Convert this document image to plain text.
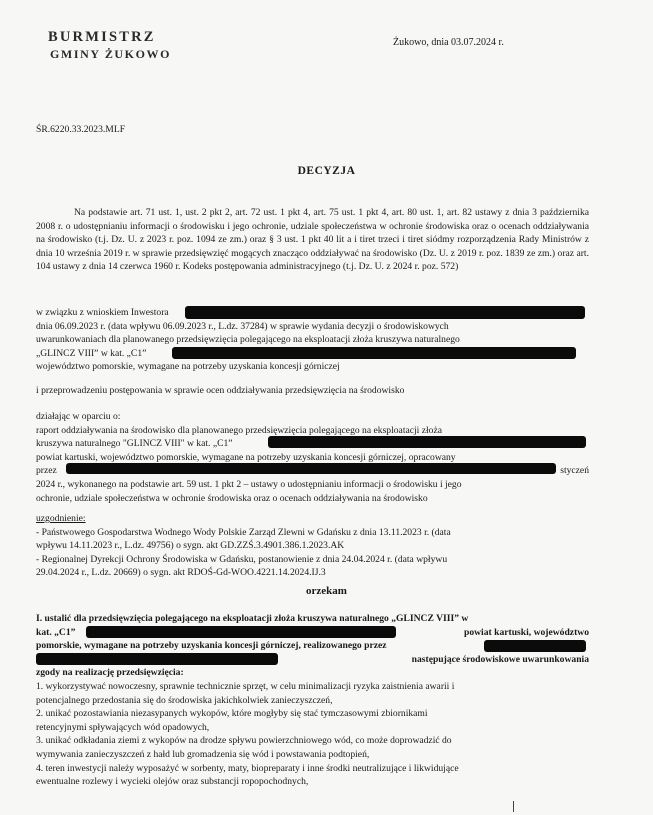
BURMISTRZ
GMINY ŻUKOWO
Żukowo, dnia 03.07.2024 r.
ŚR.6220.33.2023.MLF
DECYZJA

Na podstawie art. 71 ust. 1, ust. 2 pkt 2, art. 72 ust. 1 pkt 4, art. 75 ust. 1 pkt 4, art. 80 ust. 1, art. 82 ustawy z dnia 3 października 2008 r. o udostępnianiu informacji o środowisku i jego ochronie, udziale społeczeństwa w ochronie środowiska oraz o ocenach oddziaływania na środowisko (t.j. Dz. U. z 2023 r. poz. 1094 ze zm.) oraz § 3 ust. 1 pkt 40 lit a i tiret trzeci i tiret siódmy rozporządzenia Rady Ministrów z dnia 10 września 2019 r. w sprawie przedsięwzięć mogących znacząco oddziaływać na środowisko (Dz. U. z 2019 r. poz. 1839 ze zm.) oraz art. 104 ustawy z dnia 14 czerwca 1960 r. Kodeks postępowania administracyjnego (t.j. Dz. U. z 2024 r. poz. 572)

w związku z wnioskiem Inwestora

dnia 06.09.2023 r. (data wpływu 06.09.2023 r., L.dz. 37284) w sprawie wydania decyzji o środowiskowych

uwarunkowaniach dla planowanego przedsięwzięcia polegającego na eksploatacji złoża kruszywa naturalnego

„GLINCZ VIII” w kat. „C1”

województwo pomorskie, wymagane na potrzeby uzyskania koncesji górniczej

i przeprowadzeniu postępowania w sprawie ocen oddziaływania przedsięwzięcia na środowisko

działając w oparciu o:

raport oddziaływania na środowisko dla planowanego przedsięwzięcia polegającego na eksploatacji złoża

kruszywa naturalnego "GLINCZ VIII" w kat. „C1”

powiat kartuski, województwo pomorskie, wymagane na potrzeby uzyskania koncesji górniczej, opracowany

przez	styczeń

2024 r., wykonanego na podstawie art. 59 ust. 1 pkt 2 – ustawy o udostępnianiu informacji o środowisku i jego

ochronie, udziale społeczeństwa w ochronie środowiska oraz o ocenach oddziaływania na środowisko

uzgodnienie:

- Państwowego Gospodarstwa Wodnego Wody Polskie Zarząd Zlewni w Gdańsku z dnia 13.11.2023 r. (data

wpływu 14.11.2023 r., L.dz. 49756) o sygn. akt GD.ZZŚ.3.4901.386.1.2023.AK

- Regionalnej Dyrekcji Ochrony Środowiska w Gdańsku, postanowienie z dnia 24.04.2024 r. (data wpływu

29.04.2024 r., L.dz. 20669) o sygn. akt RDOŚ-Gd-WOO.4221.14.2024.IJ.3

orzekam

I. ustalić dla przedsięwzięcia polegającego na eksploatacji złoża kruszywa naturalnego „GLINCZ VIII” w

kat. „C1”	powiat kartuski, województwo

pomorskie, wymagane na potrzeby uzyskania koncesji górniczej, realizowanego przez

następujące środowiskowe uwarunkowania

zgody na realizację przedsięwzięcia:

1. wykorzystywać nowoczesny, sprawnie technicznie sprzęt, w celu minimalizacji ryzyka zaistnienia awarii i

potencjalnego przedostania się do środowiska jakichkolwiek zanieczyszczeń,

2. unikać pozostawiania niezasypanych wykopów, które mogłyby się stać tymczasowymi zbiornikami

retencyjnymi spływających wód opadowych,

3. unikać odkładania ziemi z wykopów na drodze spływu powierzchniowego wód, co może doprowadzić do

wymywania zanieczyszczeń z hałd lub gromadzenia się wód i powstawania podtopień,

4. teren inwestycji należy wyposażyć w sorbenty, maty, biopreparaty i inne środki neutralizujące i likwidujące

ewentualne rozlewy i wycieki olejów oraz substancji ropopochodnych,
